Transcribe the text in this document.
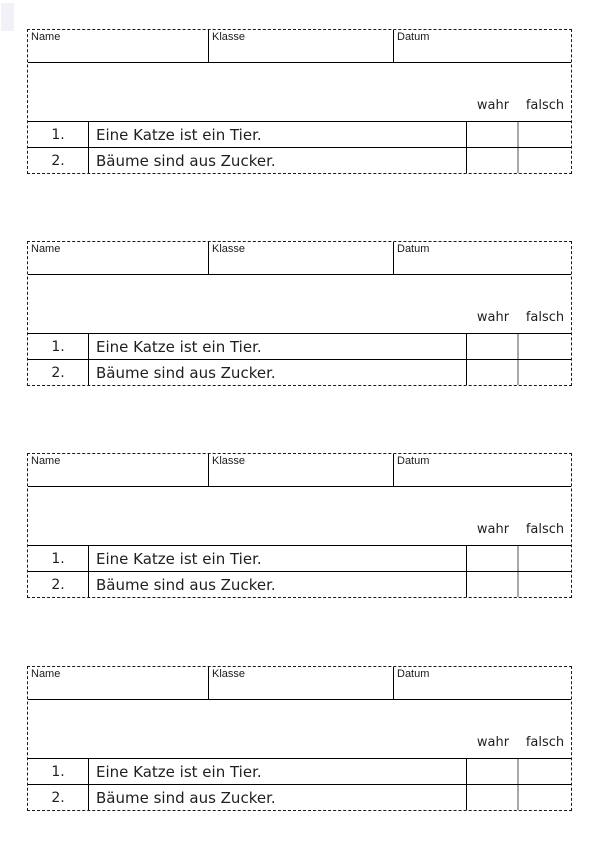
Name	Klasse	Datum
wahr	falsch
1.	Eine Katze ist ein Tier.
2.	Bäume sind aus Zucker.
Name	Klasse	Datum
wahr	falsch
1.	Eine Katze ist ein Tier.
2.	Bäume sind aus Zucker.
Name	Klasse	Datum
wahr	falsch
1.	Eine Katze ist ein Tier.
2.	Bäume sind aus Zucker.
Name	Klasse	Datum
wahr	falsch
1.	Eine Katze ist ein Tier.
2.	Bäume sind aus Zucker.
